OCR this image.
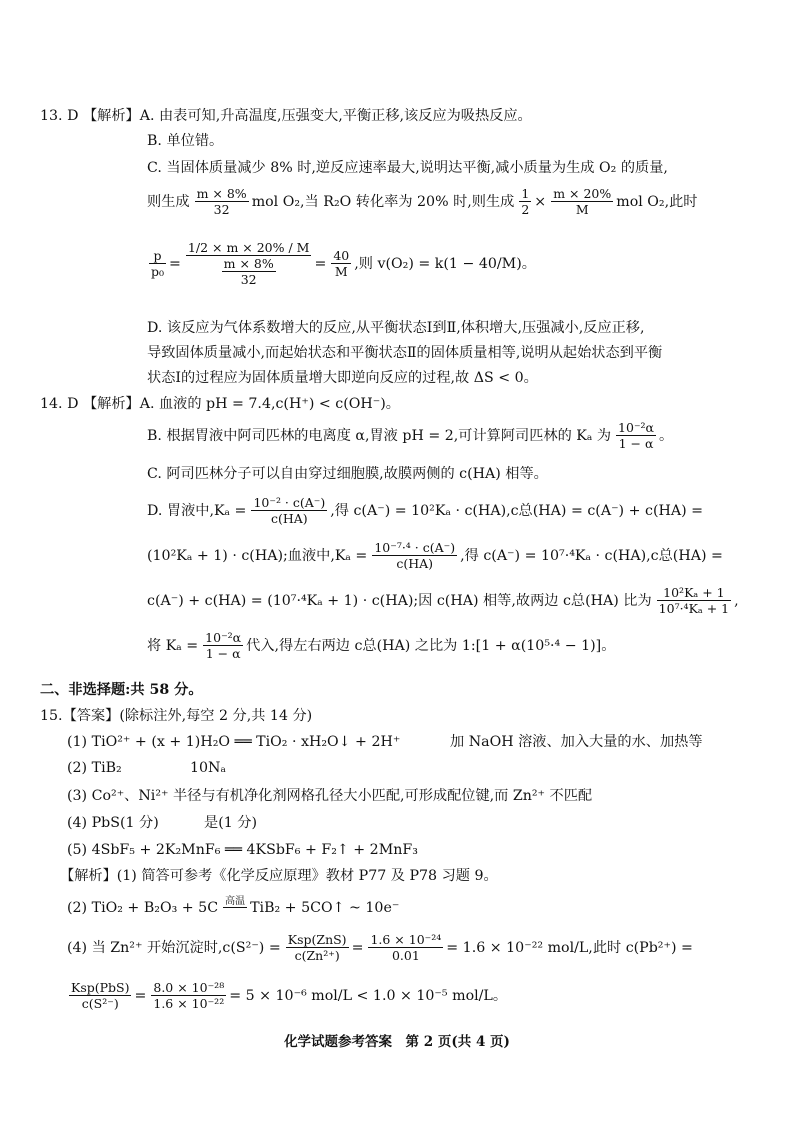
13. D 【解析】A. 由表可知,升高温度,压强变大,平衡正移,该反应为吸热反应。
B. 单位错。
C. 当固体质量减少 8% 时,逆反应速率最大,说明达平衡,减小质量为生成 O₂ 的质量,
则生成 $\frac{m \times 8\%}{32}$ mol O₂,当 R₂O 转化率为 20% 时,则生成 $\frac{1}{2} \times \frac{m \times 20\%}{M}$ mol O₂,此时
$\frac{p}{\text{p₀}} = \frac{1/2 \times m \times 20\% / M}{\frac{m \times 8\%}{32}} = \frac{40}{M}$ ,则 v(O₂) = k(1 − 40/M)。
D. 该反应为气体系数增大的反应,从平衡状态Ⅰ到Ⅱ,体积增大,压强减小,反应正移,
导致固体质量减小,而起始状态和平衡状态Ⅱ的固体质量相等,说明从起始状态到平衡
状态Ⅰ的过程应为固体质量增大即逆向反应的过程,故 ΔS < 0。
14. D 【解析】A. 血液的 pH = 7.4,c(H⁺) < c(OH⁻)。
B. 根据胃液中阿司匹林的电离度 α,胃液 pH = 2,可计算阿司匹林的 Kₐ 为 $\frac{\text{10⁻²α}}{1 - \alpha}$ 。
C. 阿司匹林分子可以自由穿过细胞膜,故膜两侧的 c(HA) 相等。
D. 胃液中$,K_a = \frac{\text{10⁻² · c(A⁻)}}{c(HA)}$ ,得 c(A⁻) = 10²Kₐ · c(HA),c总(HA) = c(A⁻) + c(HA) =
(10²Kₐ + 1) · c(HA);血液中$,K_a = \frac{\text{10⁻⁷·⁴ · c(A⁻)}}{c(HA)}$ ,得 c(A⁻) = 10⁷·⁴Kₐ · c(HA),c总(HA) =
c(A⁻) + c(HA) = (10⁷·⁴Kₐ + 1) · c(HA);因 c(HA) 相等,故两边 c总(HA) 比为 $\frac{\text{10²Kₐ + 1}}{\text{10⁷·⁴Kₐ + 1}}$ ,
将 $K_a = \frac{\text{10⁻²α}}{1 - \alpha}$ 代入,得左右两边 c总(HA) 之比为 1:[1 + α(10⁵·⁴ − 1)]。
二、非选择题:共 58 分。
15.【答案】(除标注外,每空 2 分,共 14 分)
(1) TiO²⁺ + (x + 1)H₂O ══ TiO₂ · xH₂O↓ + 2H⁺	加 NaOH 溶液、加入大量的水、加热等
(2) TiB₂	10Nₐ
(3) Co²⁺、Ni²⁺ 半径与有机净化剂网格孔径大小匹配,可形成配位键,而 Zn²⁺ 不匹配
(4) PbS(1 分)	是(1 分)
(5) 4SbF₅ + 2K₂MnF₆ ══ 4KSbF₆ + F₂↑ + 2MnF₃
【解析】(1) 简答可参考《化学反应原理》教材 P77 及 P78 习题 9。
(2) TiO₂ + B₂O₃ + 5C 高温
TiB₂ + 5CO↑ ~ 10e⁻
(4) 当 Zn²⁺ 开始沉淀时$,c(S^{2-}) = \frac{\text{Ksp(ZnS)}}{\text{c(Zn²⁺)}} = \frac{\text{1.6 × 10⁻²⁴}}{0.01} = 1.6 \times 10^{-22}$ mol/L,此时 c(Pb²⁺) =
$\frac{\text{Ksp(PbS)}}{\text{c(S²⁻)}} = \frac{\text{8.0 × 10⁻²⁸}}{\text{1.6 × 10⁻²²}} = 5 \times 10^{-6}$ mol/L < 1.0 × 10⁻⁵ mol/L。
化学试题参考答案　第 2 页(共 4 页)
